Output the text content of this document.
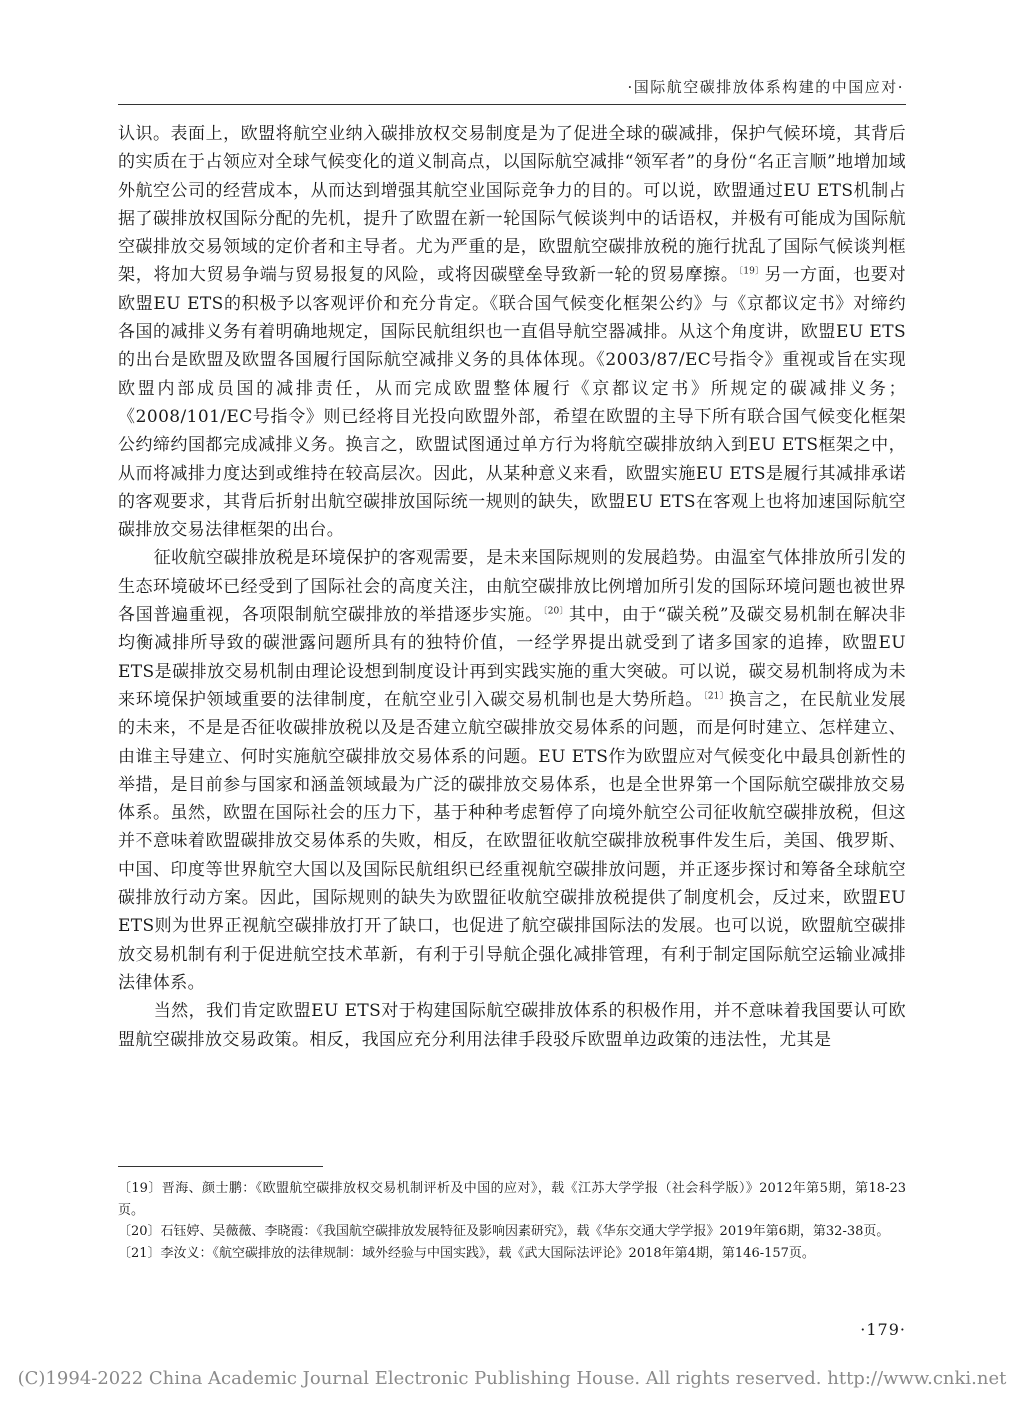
·国际航空碳排放体系构建的中国应对·

认识。表面上，欧盟将航空业纳入碳排放权交易制度是为了促进全球的碳减排，保护气候环境，其背后的实质在于占领应对全球气候变化的道义制高点，以国际航空减排“领军者”的身份“名正言顺”地增加域外航空公司的经营成本，从而达到增强其航空业国际竞争力的目的。可以说，欧盟通过EU ETS机制占据了碳排放权国际分配的先机，提升了欧盟在新一轮国际气候谈判中的话语权，并极有可能成为国际航空碳排放交易领域的定价者和主导者。尤为严重的是，欧盟航空碳排放税的施行扰乱了国际气候谈判框架，将加大贸易争端与贸易报复的风险，或将因碳壁垒导致新一轮的贸易摩擦。$^{〔19〕}$另一方面，也要对欧盟EU ETS的积极予以客观评价和充分肯定。《联合国气候变化框架公约》与《京都议定书》对缔约各国的减排义务有着明确地规定，国际民航组织也一直倡导航空器减排。从这个角度讲，欧盟EU ETS的出台是欧盟及欧盟各国履行国际航空减排义务的具体体现。《2003/87/EC号指令》重视或旨在实现欧盟内部成员国的减排责任，从而完成欧盟整体履行《京都议定书》所规定的碳减排义务；《2008/101/EC号指令》则已经将目光投向欧盟外部，希望在欧盟的主导下所有联合国气候变化框架公约缔约国都完成减排义务。换言之，欧盟试图通过单方行为将航空碳排放纳入到EU ETS框架之中，从而将减排力度达到或维持在较高层次。因此，从某种意义来看，欧盟实施EU ETS是履行其减排承诺的客观要求，其背后折射出航空碳排放国际统一规则的缺失，欧盟EU ETS在客观上也将加速国际航空碳排放交易法律框架的出台。

征收航空碳排放税是环境保护的客观需要，是未来国际规则的发展趋势。由温室气体排放所引发的生态环境破坏已经受到了国际社会的高度关注，由航空碳排放比例增加所引发的国际环境问题也被世界各国普遍重视，各项限制航空碳排放的举措逐步实施。$^{〔20〕}$其中，由于“碳关税”及碳交易机制在解决非均衡减排所导致的碳泄露问题所具有的独特价值，一经学界提出就受到了诸多国家的追捧，欧盟EU ETS是碳排放交易机制由理论设想到制度设计再到实践实施的重大突破。可以说，碳交易机制将成为未来环境保护领域重要的法律制度，在航空业引入碳交易机制也是大势所趋。$^{〔21〕}$换言之，在民航业发展的未来，不是是否征收碳排放税以及是否建立航空碳排放交易体系的问题，而是何时建立、怎样建立、由谁主导建立、何时实施航空碳排放交易体系的问题。EU ETS作为欧盟应对气候变化中最具创新性的举措，是目前参与国家和涵盖领域最为广泛的碳排放交易体系，也是全世界第一个国际航空碳排放交易体系。虽然，欧盟在国际社会的压力下，基于种种考虑暂停了向境外航空公司征收航空碳排放税，但这并不意味着欧盟碳排放交易体系的失败，相反，在欧盟征收航空碳排放税事件发生后，美国、俄罗斯、中国、印度等世界航空大国以及国际民航组织已经重视航空碳排放问题，并正逐步探讨和筹备全球航空碳排放行动方案。因此，国际规则的缺失为欧盟征收航空碳排放税提供了制度机会，反过来，欧盟EU ETS则为世界正视航空碳排放打开了缺口，也促进了航空碳排国际法的发展。也可以说，欧盟航空碳排放交易机制有利于促进航空技术革新，有利于引导航企强化减排管理，有利于制定国际航空运输业减排法律体系。

当然，我们肯定欧盟EU ETS对于构建国际航空碳排放体系的积极作用，并不意味着我国要认可欧盟航空碳排放交易政策。相反，我国应充分利用法律手段驳斥欧盟单边政策的违法性，尤其是

〔19〕晋海、颜士鹏：《欧盟航空碳排放权交易机制评析及中国的应对》，载《江苏大学学报（社会科学版）》2012年第5期，第18-23页。

〔20〕石钰婷、吴薇薇、李晓霞：《我国航空碳排放发展特征及影响因素研究》，载《华东交通大学学报》2019年第6期，第32-38页。

〔21〕李汝义：《航空碳排放的法律规制：域外经验与中国实践》，载《武大国际法评论》2018年第4期，第146-157页。

·179·
(C)1994-2022 China Academic Journal Electronic Publishing House. All rights reserved. http://www.cnki.net
